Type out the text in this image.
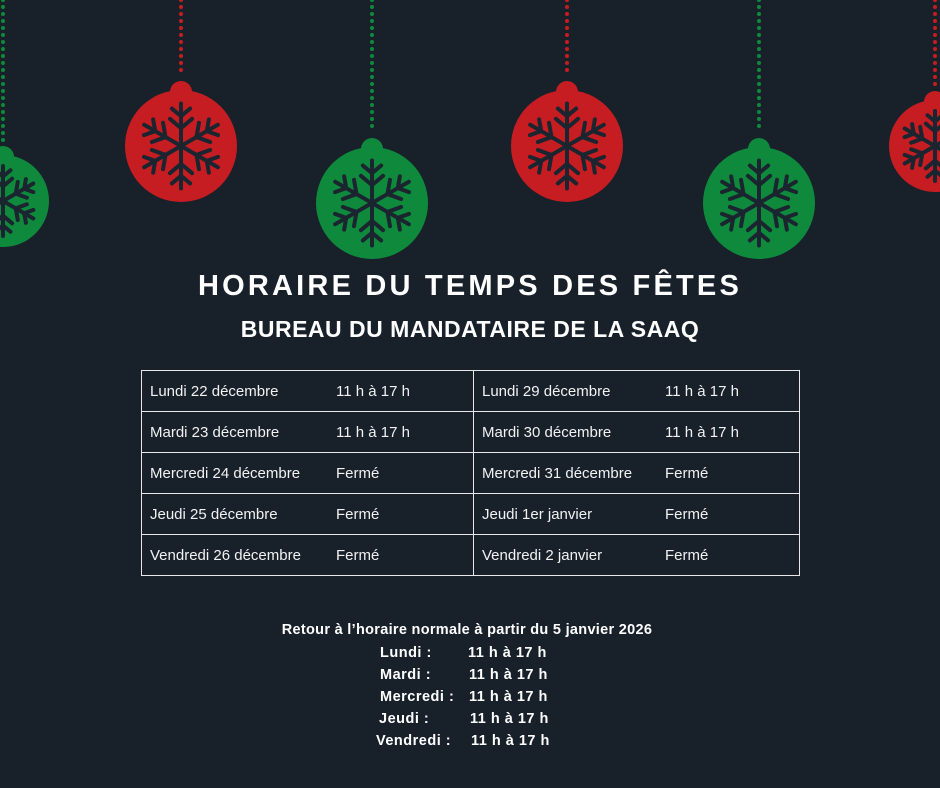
HORAIRE DU TEMPS DES FÊTES
BUREAU DU MANDATAIRE DE LA SAAQ
Lundi 22 décembre 11 h à 17 h	Lundi 29 décembre 11 h à 17 h

Mardi 23 décembre 11 h à 17 h	Mardi 30 décembre 11 h à 17 h

Mercredi 24 décembre Fermé	Mercredi 31 décembre Fermé

Jeudi 25 décembre Fermé	Jeudi 1er janvier Fermé

Vendredi 26 décembre Fermé	Vendredi 2 janvier Fermé
Retour à l’horaire normale à partir du 5 janvier 2026
Lundi : 11 h à 17 h
Mardi :	11 h à 17 h
Mercredi : 11 h à 17 h
Jeudi :	11 h à 17 h
Vendredi : 11 h à 17 h
